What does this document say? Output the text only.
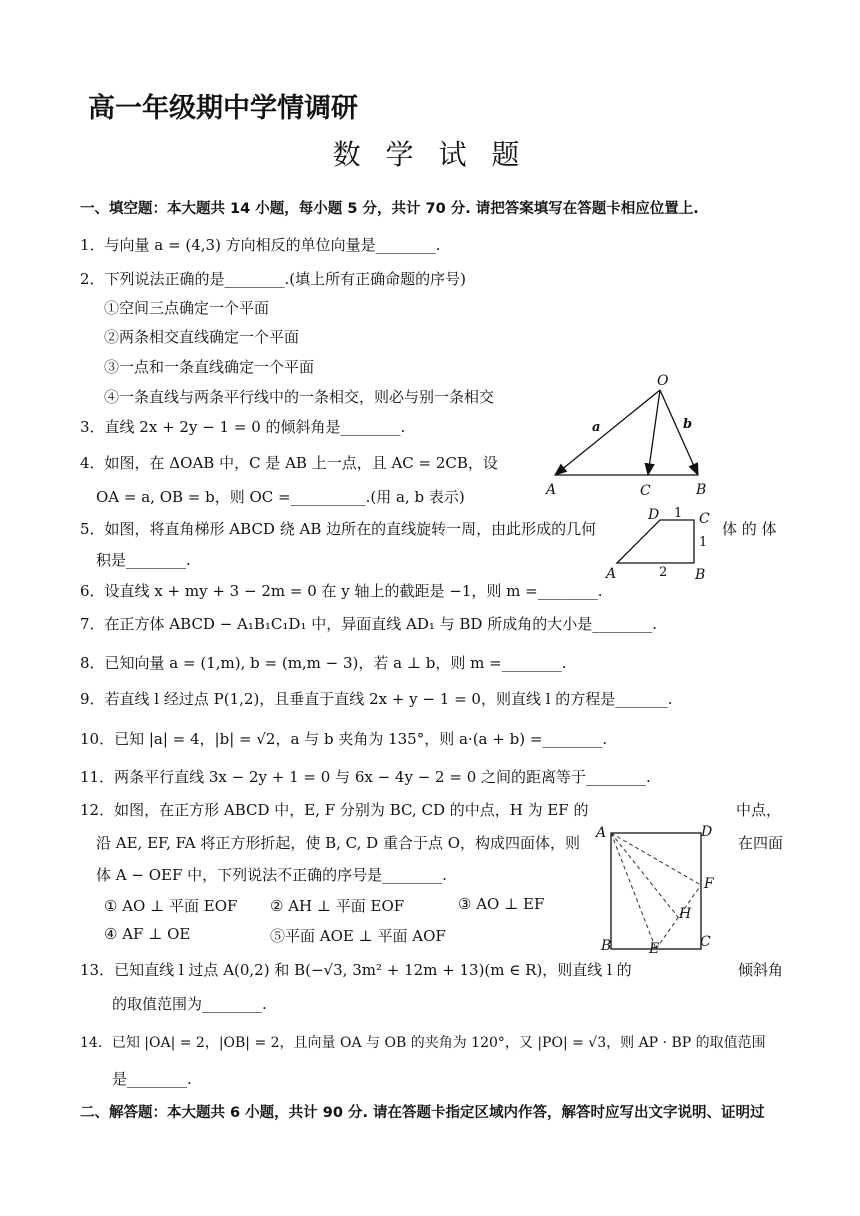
高一年级期中学情调研
数 学 试 题
一、填空题：本大题共 14 小题，每小题 5 分，共计 70 分. 请把答案填写在答题卡相应位置上.
1．与向量 a = (4,3) 方向相反的单位向量是________.
2．下列说法正确的是________.(填上所有正确命题的序号)
①空间三点确定一个平面
②两条相交直线确定一个平面
③一点和一条直线确定一个平面
④一条直线与两条平行线中的一条相交，则必与别一条相交
3．直线 2x + 2y − 1 = 0 的倾斜角是________.
4．如图，在 ΔOAB 中，C 是 AB 上一点，且 AC = 2CB，设
OA = a, OB = b，则 OC =__________.(用 a, b 表示)
5．如图，将直角梯形 ABCD 绕 AB 边所在的直线旋转一周，由此形成的几何	体 的 体
积是________.
6．设直线 x + my + 3 − 2m = 0 在 y 轴上的截距是 −1，则 m =________.
7．在正方体 ABCD − A₁B₁C₁D₁ 中，异面直线 AD₁ 与 BD 所成角的大小是________.
8．已知向量 a = (1,m), b = (m,m − 3)，若 a ⊥ b，则 m =________.
9．若直线 l 经过点 P(1,2)，且垂直于直线 2x + y − 1 = 0，则直线 l 的方程是_______.
10．已知 |a| = 4，|b| = √2，a 与 b 夹角为 135°，则 a·(a + b) =________.
11．两条平行直线 3x − 2y + 1 = 0 与 6x − 4y − 2 = 0 之间的距离等于________.
12．如图，在正方形 ABCD 中，E, F 分别为 BC, CD 的中点，H 为 EF 的	中点，
沿 AE, EF, FA 将正方形折起，使 B, C, D 重合于点 O，构成四面体，则	在四面
体 A − OEF 中，下列说法不正确的序号是________.
① AO ⊥ 平面 EOF ② AH ⊥ 平面 EOF	③ AO ⊥ EF
④ AF ⊥ OE	⑤平面 AOE ⊥ 平面 AOF
13．已知直线 l 过点 A(0,2) 和 B(−√3, 3m² + 12m + 13)(m ∈ R)，则直线 l 的	倾斜角
的取值范围为________.
14．已知 |OA| = 2，|OB| = 2，且向量 OA 与 OB 的夹角为 120°，又 |PO| = √3，则 AP · BP 的取值范围
是________.
二、解答题：本大题共 6 小题，共计 90 分. 请在答题卡指定区域内作答，解答时应写出文字说明、证明过
O
A	C	B
a	b
D	C
A	B
1
1
2
A	D
B	C
E
F
H
